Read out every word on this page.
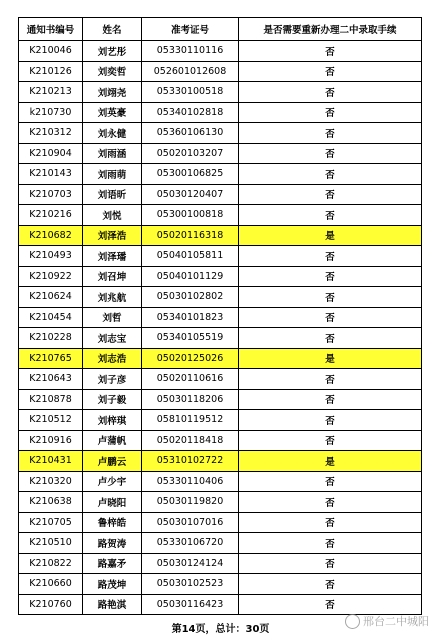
通知书编号	姓名	准考证号	是否需要重新办理二中录取手续
K210046	刘艺彤	05330110116	否
K210126	刘奕哲	052601012608	否
K210213	刘翊尧	05330100518	否
k210730	刘英豪	05340102818	否
K210312	刘永健	05360106130	否
K210904	刘雨涵	05020103207	否
K210143	刘雨萌	05300106825	否
K210703	刘语昕	05030120407	否
K210216	刘悦	05300100818	否
K210682	刘泽浩	05020116318	是
K210493	刘泽璠	05040105811	否
K210922	刘召坤	05040101129	否
K210624	刘兆航	05030102802	否
K210454	刘哲	05340101823	否
K210228	刘志宝	05340105519	否
K210765	刘志浩	05020125026	是
K210643	刘子彦	05020110616	否
K210878	刘子毅	05030118206	否
K210512	刘梓琪	05810119512	否
K210916	卢蒲帆	05020118418	否
K210431	卢鹏云	05310102722	是
K210320	卢少宇	05330110406	否
K210638	卢晓阳	05030119820	否
K210705	鲁梓皓	05030107016	否
K210510	路贺涛	05330106720	否
K210822	路嘉矛	05030124124	否
K210660	路茂坤	05030102523	否
K210760	路艳淇	05030116423	否
第14页，总计：30页
邢台二中城阳
